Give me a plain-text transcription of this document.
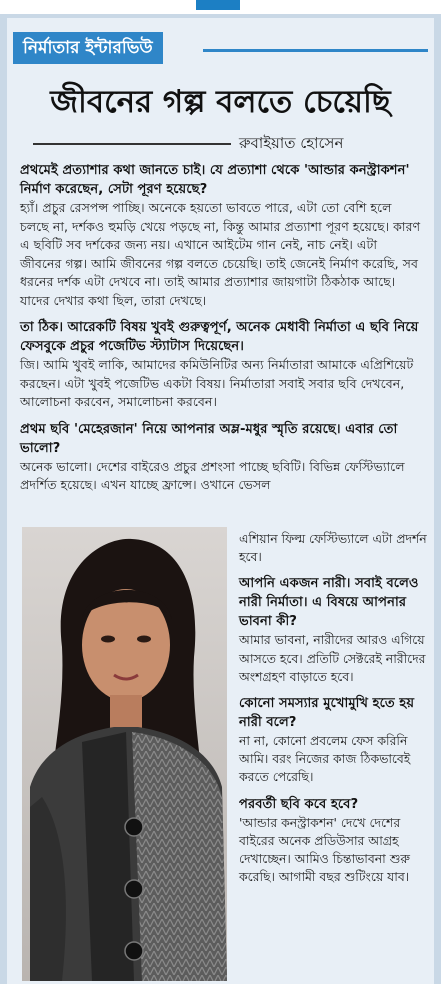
নির্মাতার ইন্টারভিউ
জীবনের গল্প বলতে চেয়েছি
রুবাইয়াত হোসেন

প্রথমেই প্রত্যাশার কথা জানতে চাই। যে প্রত্যাশা থেকে 'আন্ডার কনস্ট্রাকশন' নির্মাণ করেছেন, সেটা পূরণ হয়েছে?

হ্যাঁ। প্রচুর রেসপন্স পাচ্ছি। অনেকে হয়তো ভাবতে পারে, এটা তো বেশি হলে চলছে না, দর্শকও হুমড়ি খেয়ে পড়ছে না, কিন্তু আমার প্রত্যাশা পূরণ হয়েছে। কারণ এ ছবিটি সব দর্শকের জন্য নয়। এখানে আইটেম গান নেই, নাচ নেই। এটা জীবনের গল্প। আমি জীবনের গল্প বলতে চেয়েছি। তাই জেনেই নির্মাণ করেছি, সব ধরনের দর্শক এটা দেখবে না। তাই আমার প্রত্যাশার জায়গাটা ঠিকঠাক আছে। যাদের দেখার কথা ছিল, তারা দেখছে।

তা ঠিক। আরেকটি বিষয় খুবই গুরুত্বপূর্ণ, অনেক মেধাবী নির্মাতা এ ছবি নিয়ে ফেসবুকে প্রচুর পজেটিভ স্ট্যাটাস দিয়েছেন।

জি। আমি খুবই লাকি, আমাদের কমিউনিটির অন্য নির্মাতারা আমাকে এপ্রিশিয়েট করছেন। এটা খুবই পজেটিভ একটা বিষয়। নির্মাতারা সবাই সবার ছবি দেখবেন, আলোচনা করবেন, সমালোচনা করবেন।

প্রথম ছবি 'মেহেরজান' নিয়ে আপনার অম্ল-মধুর স্মৃতি রয়েছে। এবার তো ভালো?

অনেক ভালো। দেশের বাইরেও প্রচুর প্রশংসা পাচ্ছে ছবিটি। বিভিন্ন ফেস্টিভ্যালে প্রদর্শিত হয়েছে। এখন যাচ্ছে ফ্রান্সে। ওখানে ভেসল

এশিয়ান ফিল্ম ফেস্টিভ্যালে এটা প্রদর্শন হবে।

আপনি একজন নারী। সবাই বলেও নারী নির্মাতা। এ বিষয়ে আপনার ভাবনা কী?

আমার ভাবনা, নারীদের আরও এগিয়ে আসতে হবে। প্রতিটি সেক্টরেই নারীদের অংশগ্রহণ বাড়াতে হবে।

কোনো সমস্যার মুখোমুখি হতে হয় নারী বলে?

না না, কোনো প্রবলেম ফেস করিনি আমি। বরং নিজের কাজ ঠিকভাবেই করতে পেরেছি।

পরবর্তী ছবি কবে হবে?

'আন্ডার কনস্ট্রাকশন' দেখে দেশের বাইরের অনেক প্রডিউসার আগ্রহ দেখাচ্ছেন। আমিও চিন্তাভাবনা শুরু করেছি। আগামী বছর শুটিংয়ে যাব।
